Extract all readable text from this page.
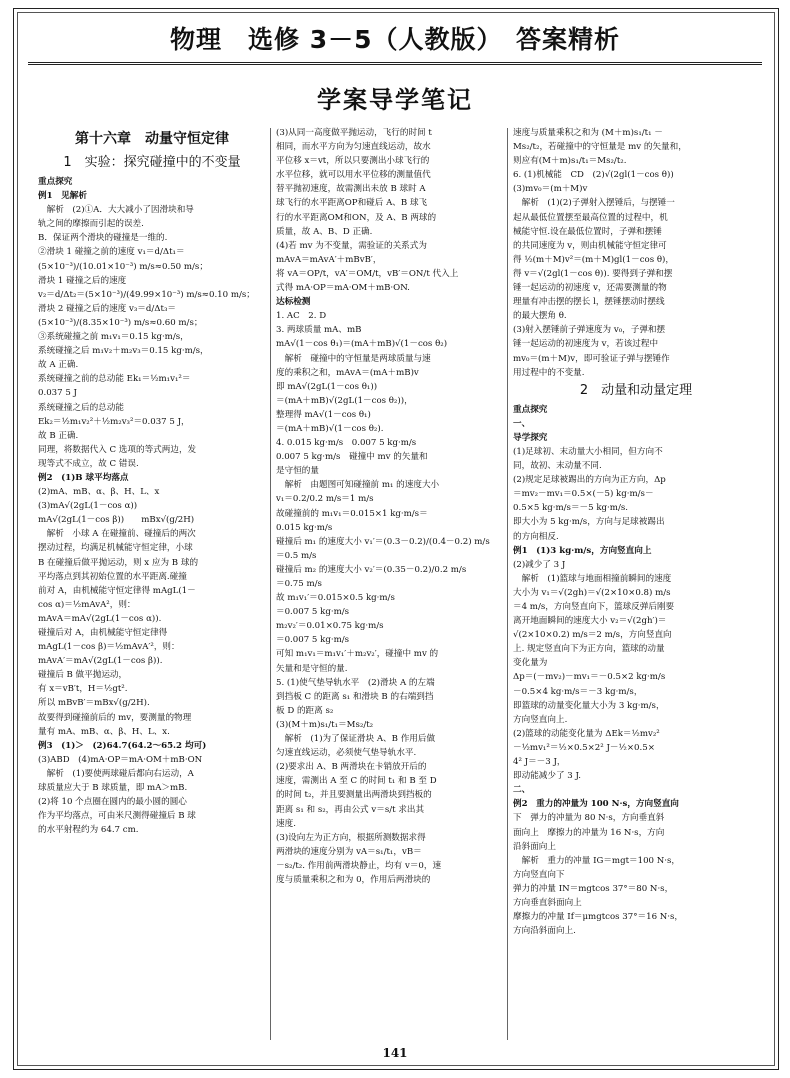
物理　选修 3－5（人教版）　答案精析
学案导学笔记
第十六章　动量守恒定律
1　实验：探究碰撞中的不变量
重点探究
例1　见解析
　解析　(2)①A．大大减小了因滑块和导
轨之间的摩擦而引起的误差.
B．保证两个滑块的碰撞是一维的.
②滑块 1 碰撞之前的速度 v₁＝d/Δt₁＝
(5×10⁻³)/(10.01×10⁻³) m/s≈0.50 m/s；
滑块 1 碰撞之后的速度
v₂＝d/Δt₂＝(5×10⁻³)/(49.99×10⁻³) m/s≈0.10 m/s；
滑块 2 碰撞之后的速度 v₃＝d/Δt₃＝
(5×10⁻³)/(8.35×10⁻³) m/s≈0.60 m/s；
③系统碰撞之前 m₁v₁＝0.15 kg·m/s，
系统碰撞之后 m₁v₂＋m₂v₃＝0.15 kg·m/s，
故 A 正确.
系统碰撞之前的总动能 Ek₁＝½m₁v₁²＝
0.037 5 J
系统碰撞之后的总动能
Ek₂＝½m₁v₂²＋½m₂v₃²＝0.037 5 J，
故 B 正确.
同理，将数据代入 C 选项的等式两边，发
现等式不成立，故 C 错误.
例2　(1)B 球平均落点
(2)mA、mB、α、β、H、L、x
(3)mA√(2gL(1－cos α))
mA√(2gL(1－cos β))　　mBx√(g/2H)
　解析　小球 A 在碰撞前、碰撞后的两次
摆动过程，均满足机械能守恒定律，小球
B 在碰撞后做平抛运动，则 x 应为 B 球的
平均落点到其初始位置的水平距离.碰撞
前对 A，由机械能守恒定律得 mAgL(1－
cos α)＝½mAvA²，则：
mAvA＝mA√(2gL(1－cos α)).
碰撞后对 A，由机械能守恒定律得
mAgL(1－cos β)＝½mAvA′²，则：
mAvA′＝mA√(2gL(1－cos β)).
碰撞后 B 做平抛运动，
有 x＝vB′t，H＝½gt².
所以 mBvB′＝mBx√(g/2H).
故要得到碰撞前后的 mv，要测量的物理
量有 mA、mB、α、β、H、L、x.
例3　(1)＞　(2)64.7(64.2～65.2 均可)
(3)ABD　(4)mA·OP＝mA·OM＋mB·ON
　解析　(1)要使两球碰后都向右运动，A
球质量应大于 B 球质量，即 mA＞mB.
(2)将 10 个点圈在圆内的最小圆的圆心
作为平均落点，可由米尺测得碰撞后 B 球
的水平射程约为 64.7 cm.
(3)从同一高度做平抛运动，飞行的时间 t
相同，而水平方向为匀速直线运动，故水
平位移 x＝vt，所以只要测出小球飞行的
水平位移，就可以用水平位移的测量值代
替平抛初速度，故需测出未放 B 球时 A
球飞行的水平距离OP和碰后 A、B 球飞
行的水平距离OM和ON，及 A、B 两球的
质量，故 A、B、D 正确.
(4)若 mv 为不变量，需验证的关系式为
mAvA＝mAvA′＋mBvB′，
将 vA＝OP/t，vA′＝OM/t，vB′＝ON/t 代入上
式得 mA·OP＝mA·OM＋mB·ON.
达标检测
1. AC　2. D
3. 两球质量 mA、mB
mA√(1－cos θ₁)＝(mA＋mB)√(1－cos θ₂)
　解析　碰撞中的守恒量是两球质量与速
度的乘积之和，mAvA＝(mA＋mB)v
即 mA√(2gL(1－cos θ₁))
＝(mA＋mB)√(2gL(1－cos θ₂))，
整理得 mA√(1－cos θ₁)
＝(mA＋mB)√(1－cos θ₂).
4. 0.015 kg·m/s　0.007 5 kg·m/s
0.007 5 kg·m/s　碰撞中 mv 的矢量和
是守恒的量
　解析　由题图可知碰撞前 m₁ 的速度大小
v₁＝0.2/0.2 m/s＝1 m/s
故碰撞前的 m₁v₁＝0.015×1 kg·m/s＝
0.015 kg·m/s
碰撞后 m₁ 的速度大小 v₁′＝(0.3－0.2)/(0.4－0.2) m/s
＝0.5 m/s
碰撞后 m₂ 的速度大小 v₂′＝(0.35－0.2)/0.2 m/s
＝0.75 m/s
故 m₁v₁′＝0.015×0.5 kg·m/s
＝0.007 5 kg·m/s
m₂v₂′＝0.01×0.75 kg·m/s
＝0.007 5 kg·m/s
可知 m₁v₁＝m₁v₁′＋m₂v₂′，碰撞中 mv 的
矢量和是守恒的量.
5. (1)使气垫导轨水平　(2)滑块 A 的左端
到挡板 C 的距离 s₁ 和滑块 B 的右端到挡
板 D 的距离 s₂
(3)(M＋m)s₁/t₁＝Ms₂/t₂
　解析　(1)为了保证滑块 A、B 作用后做
匀速直线运动，必须使气垫导轨水平.
(2)要求出 A、B 两滑块在卡销放开后的
速度，需测出 A 至 C 的时间 t₁ 和 B 至 D
的时间 t₂，并且要测量出两滑块到挡板的
距离 s₁ 和 s₂，再由公式 v＝s/t 求出其
速度.
(3)设向左为正方向，根据所测数据求得
两滑块的速度分别为 vA＝s₁/t₁，vB＝
－s₂/t₂. 作用前两滑块静止，均有 v＝0，速
度与质量乘积之和为 0，作用后两滑块的
速度与质量乘积之和为 (M＋m)s₁/t₁ －
Ms₂/t₂，若碰撞中的守恒量是 mv 的矢量和，
则应有(M＋m)s₁/t₁＝Ms₂/t₂.
6. (1)机械能　CD　(2)√(2gl(1－cos θ))
(3)mv₀＝(m＋M)v
　解析　(1)(2)子弹射入摆锤后，与摆锤一
起从最低位置摆至最高位置的过程中，机
械能守恒.设在最低位置时，子弹和摆锤
的共同速度为 v，则由机械能守恒定律可
得 ½(m＋M)v²＝(m＋M)gl(1－cos θ)，
得 v＝√(2gl(1－cos θ)). 要得到子弹和摆
锤一起运动的初速度 v，还需要测量的物
理量有冲击摆的摆长 l，摆锤摆动时摆线
的最大摆角 θ.
(3)射入摆锤前子弹速度为 v₀，子弹和摆
锤一起运动的初速度为 v，若该过程中
mv₀＝(m＋M)v，即可验证子弹与摆锤作
用过程中的不变量.
2　动量和动量定理
重点探究
一、
导学探究
(1)足球初、末动量大小相同，但方向不
同，故初、末动量不同.
(2)规定足球被踢出的方向为正方向，Δp
＝mv₂－mv₁＝0.5×(－5) kg·m/s－
0.5×5 kg·m/s＝－5 kg·m/s.
即大小为 5 kg·m/s，方向与足球被踢出
的方向相反.
例1　(1)3 kg·m/s，方向竖直向上
(2)减少了 3 J
　解析　(1)篮球与地面相撞前瞬间的速度
大小为 v₁＝√(2gh)＝√(2×10×0.8) m/s
＝4 m/s，方向竖直向下，篮球反弹后刚要
离开地面瞬间的速度大小 v₂＝√(2gh′)＝
√(2×10×0.2) m/s＝2 m/s，方向竖直向
上. 规定竖直向下为正方向，篮球的动量
变化量为
Δp＝(－mv₂)－mv₁＝－0.5×2 kg·m/s
－0.5×4 kg·m/s＝－3 kg·m/s，
即篮球的动量变化量大小为 3 kg·m/s，
方向竖直向上.
(2)篮球的动能变化量为 ΔEk＝½mv₂²
－½mv₁²＝½×0.5×2² J－½×0.5×
4² J＝－3 J，
即动能减少了 3 J.
二、
例2　重力的冲量为 100 N·s，方向竖直向
下　弹力的冲量为 80 N·s，方向垂直斜
面向上　摩擦力的冲量为 16 N·s，方向
沿斜面向上
　解析　重力的冲量 IG＝mgt＝100 N·s，
方向竖直向下
弹力的冲量 IN＝mgtcos 37°＝80 N·s，
方向垂直斜面向上
摩擦力的冲量 If＝μmgtcos 37°＝16 N·s，
方向沿斜面向上.
141
